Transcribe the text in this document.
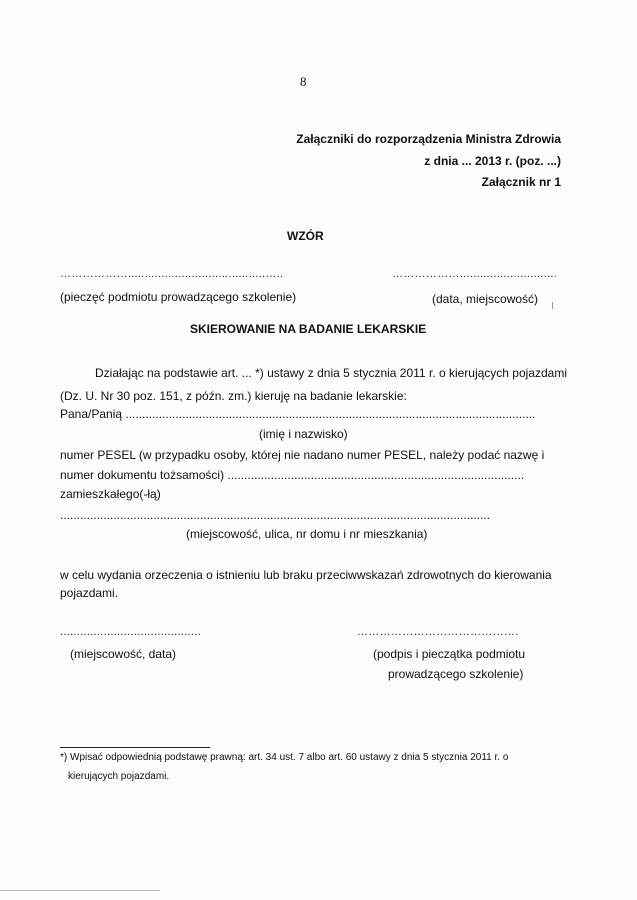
8
Załączniki do rozporządzenia Ministra Zdrowia
z dnia ... 2013 r. (poz. ...)
Załącznik nr 1
WZÓR
……………….........................................…..	……………….............................
(pieczęć podmiotu prowadzącego szkolenie)	(data, miejscowość)
SKIEROWANIE NA BADANIE LEKARSKIE
Działając na podstawie art. ... *) ustawy z dnia 5 stycznia 2011 r. o kierujących pojazdami
(Dz. U. Nr 30 poz. 151, z późn. zm.) kieruję na badanie lekarskie:
Pana/Panią ...........................................................................................................................
(imię i nazwisko)
numer PESEL (w przypadku osoby, której nie nadano numer PESEL, należy podać nazwę i
numer dokumentu tożsamości) .........................................................................................
zamieszkałego(-łą)
.................................................................................................................................
(miejscowość, ulica, nr domu i nr mieszkania)
w celu wydania orzeczenia o istnieniu lub braku przeciwwskazań zdrowotnych do kierowania
pojazdami.
..........................................	…………………………………….
(miejscowość, data)	(podpis i pieczątka podmiotu
prowadzącego szkolenie)
*) Wpisać odpowiednią podstawę prawną: art. 34 ust. 7 albo art. 60 ustawy z dnia 5 stycznia 2011 r. o
kierujących pojazdami.
